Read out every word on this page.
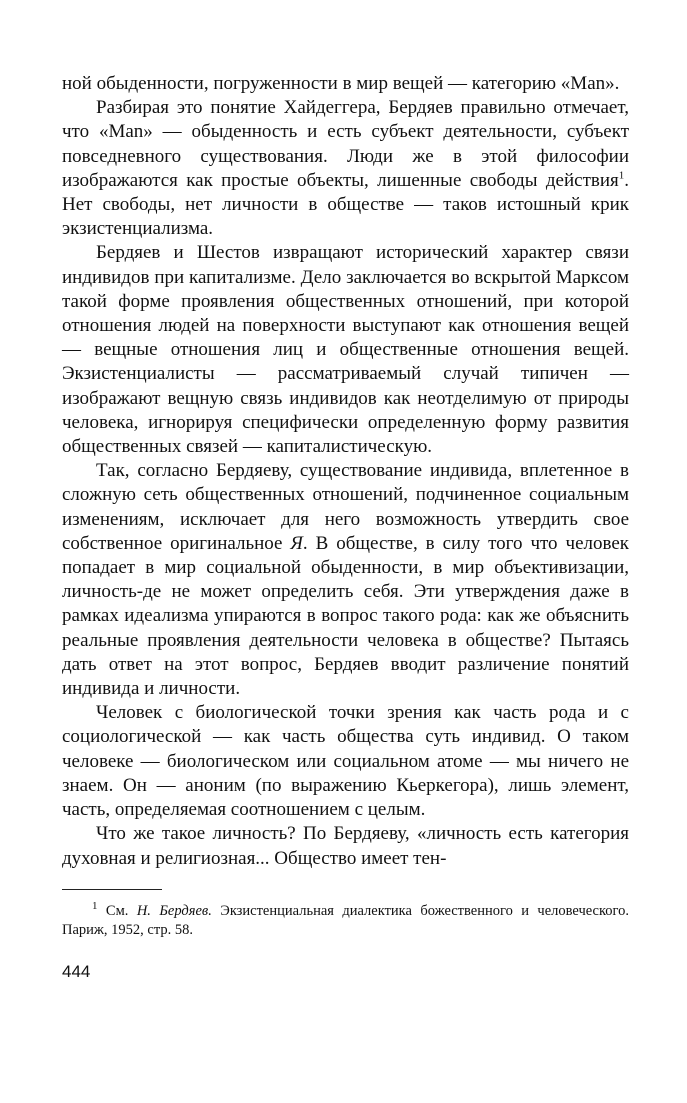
ной обыденности, погруженности в мир вещей — категорию «Man».

Разбирая это понятие Хайдеггера, Бердяев правильно отмечает, что «Man» — обыденность и есть субъект деятельности, субъект повседневного существования. Люди же в этой философии изображаются как простые объекты, лишенные свободы действия$^1$. Нет свободы, нет личности в обществе — таков истошный крик экзистенциализма.

Бердяев и Шестов извращают исторический характер связи индивидов при капитализме. Дело заключается во вскрытой Марксом такой форме проявления общественных отношений, при которой отношения людей на поверхности выступают как отношения вещей — вещные отношения лиц и общественные отношения вещей. Экзистенциалисты — рассматриваемый случай типичен — изображают вещную связь индивидов как неотделимую от природы человека, игнорируя специфически определенную форму развития общественных связей — капиталистическую.

Так, согласно Бердяеву, существование индивида, вплетенное в сложную сеть общественных отношений, подчиненное социальным изменениям, исключает для него возможность утвердить свое собственное оригинальное Я. В обществе, в силу того что человек попадает в мир социальной обыденности, в мир объективизации, личность-де не может определить себя. Эти утверждения даже в рамках идеализма упираются в вопрос такого рода: как же объяснить реальные проявления деятельности человека в обществе? Пытаясь дать ответ на этот вопрос, Бердяев вводит различение понятий индивида и личности.

Человек с биологической точки зрения как часть рода и с социологической — как часть общества суть индивид. О таком человеке — биологическом или социальном атоме — мы ничего не знаем. Он — аноним (по выражению Кьеркегора), лишь элемент, часть, определяемая соотношением с целым.

Что же такое личность? По Бердяеву, «личность есть категория духовная и религиозная... Общество имеет тен-

$^1$ См. Н. Бердяев. Экзистенциальная диалектика божественного и человеческого. Париж, 1952, стр. 58.

444
